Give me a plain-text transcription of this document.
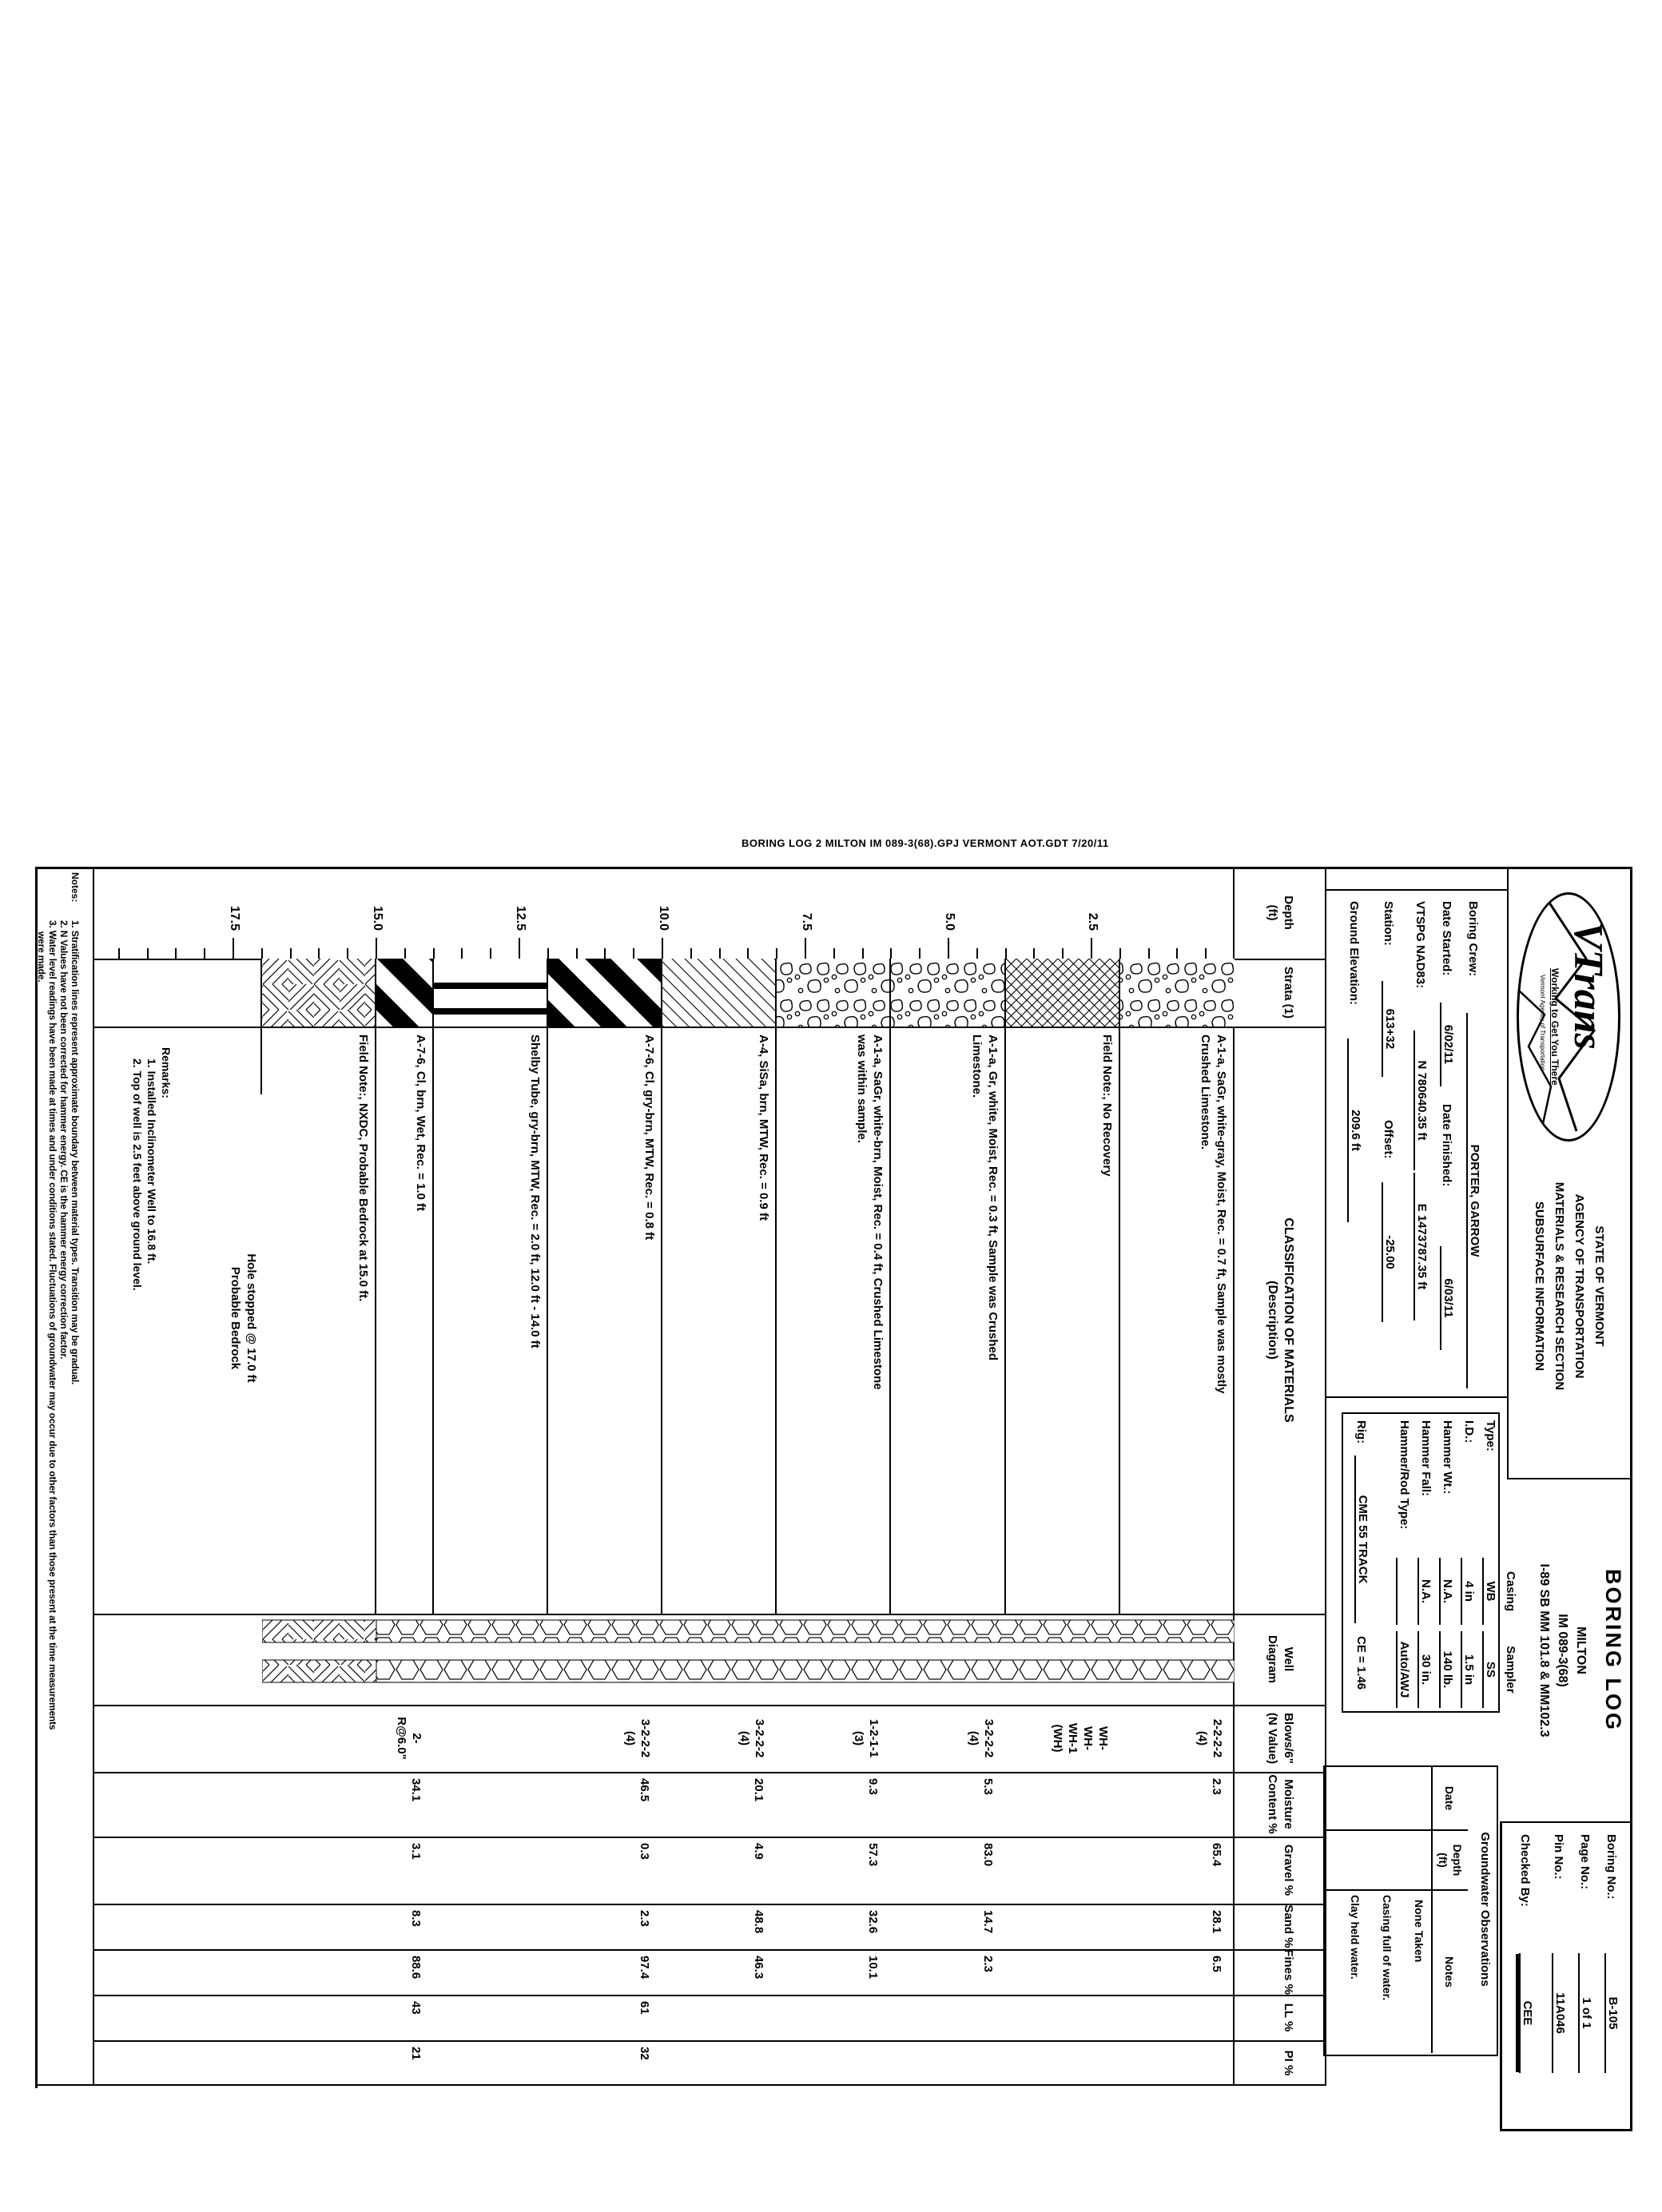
BORING LOG 2 MILTON IM 089-3(68).GPJ VERMONT AOT.GDT 7/20/11
VTrans
Working to Get You There
Vermont Agency of Transportation
STATE OF VERMONT
AGENCY OF TRANSPORTATION
MATERIALS & RESEARCH SECTION
SUBSURFACE INFORMATION
BORING LOG
MILTON
IM 089-3(68)
I-89 SB MM 101.8 & MM102.3
Boring No.:
B-105
Page No.:
1 of 1
Pin No.:
11A046
Checked By:
CEE
Boring Crew:
PORTER, GARROW
Date Started:
6/02/11
Date Finished:
6/03/11
VTSPG NAD83:
N 780640.35 ft
E 1473787.35 ft
Station:
613+32
Offset:
-25.00
Ground Elevation:
209.6 ft
Casing
Sampler
Type:
WB
SS
I.D.:
4 in
1.5 in
Hammer Wt.:
N.A.
140 lb.
Hammer Fall:
N.A.
30 in.
Hammer/Rod Type:

Auto/AWJ
Rig:
CME 55 TRACK
CE = 1.46
Groundwater Observations
Date
Depth
(ft)
Notes
None Taken
Casing full of water.
Clay held water.
Depth
(ft)
Strata (1)
CLASSIFICATION OF MATERIALS
(Description)
Well
Diagram
Blows/6"
(N Value)
Moisture
Content %
Gravel %
Sand %
Fines %
LL %
PI %
2.5
5.0
7.5
10.0
12.5
15.0
17.5
A-1-a, SaGr, white-gray, Moist, Rec. = 0.7 ft, Sample was mostly
Crushed Limestone.
2-2-2-2
(4)
2.3
65.4
28.1
6.5
Field Note:, No Recovery
WH-
WH-
WH-1
(WH)
A-1-a, Gr, white, Moist, Rec. = 0.3 ft, Sample was Crushed
Limestone.
3-2-2-2
(4)
5.3
83.0
14.7
2.3
A-1-a, SaGr, white-brn, Moist, Rec. = 0.4 ft, Crushed Limestone
was within sample.
1-2-1-1
(3)
9.3
57.3
32.6
10.1
A-4, SiSa, brn, MTW, Rec. = 0.9 ft
3-2-2-2
(4)
20.1
4.9
48.8
46.3
A-7-6, Cl, gry-brn, MTW, Rec. = 0.8 ft
3-2-2-2
(4)
46.5
0.3
2.3
97.4
61
32
Shelby Tube, gry-brn, MTW, Rec. = 2.0 ft, 12.0 ft - 14.0 ft
A-7-6, Cl, brn, Wet, Rec. = 1.0 ft
2-
R@6.0"
34.1
3.1
8.3
88.6
43
21
Field Note:, NXDC, Probable Bedrock at 15.0 ft.
Hole stopped @ 17.0 ft
Probable Bedrock
Remarks:
1. Installed Inclinometer Well to 16.8 ft.
2. Top of well is 2.5 feet above ground level.
Notes:
1. Stratification lines represent approximate boundary between material types. Transition may be gradual.
2. N Values have not been corrected for hammer energy. CE is the hammer energy correction factor.
3. Water level readings have been made at times and under conditions stated. Fluctuations of groundwater may occur due to other factors than those present at the time measurements
were made.
